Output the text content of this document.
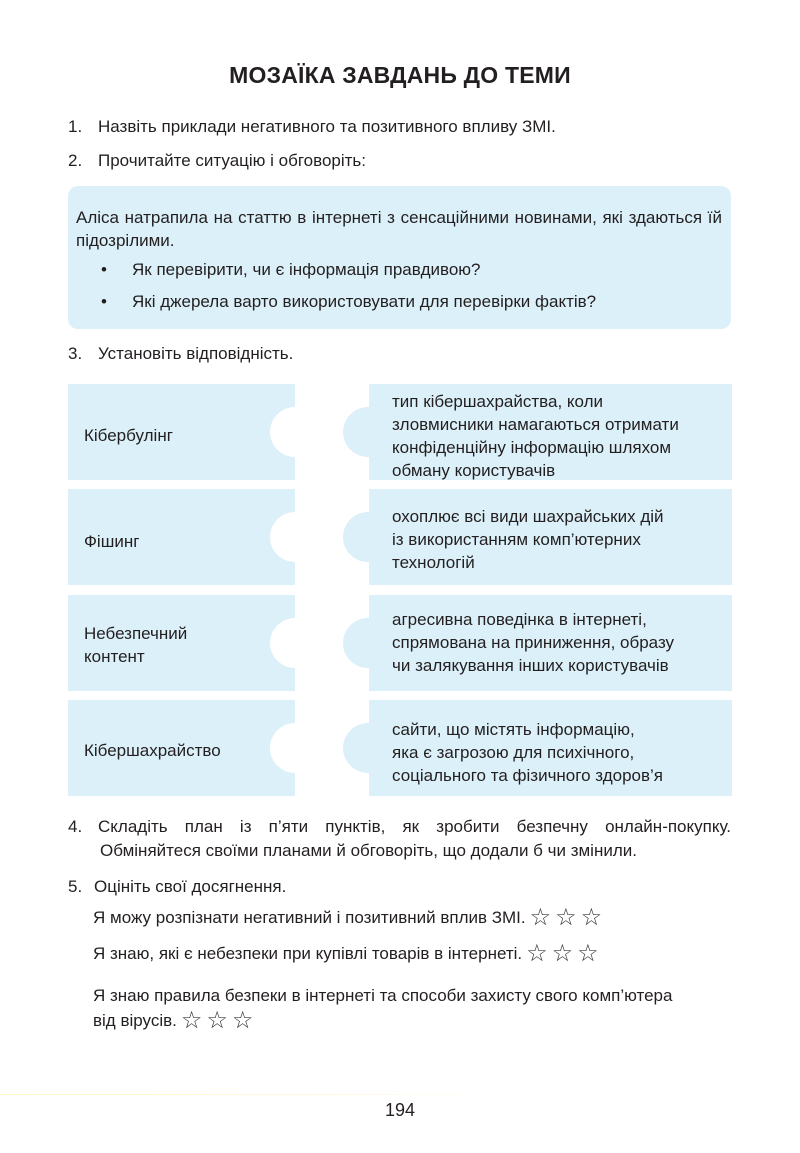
МОЗАЇКА ЗАВДАНЬ ДО ТЕМИ
1. Назвіть приклади негативного та позитивного впливу ЗМІ.
2. Прочитайте ситуацію і обговоріть:
Аліса натрапила на статтю в інтернеті з сенсаційними новинами, які здаються їй підозрілими.
• Як перевірити, чи є інформація правдивою?
• Які джерела варто використовувати для перевірки фактів?
3. Установіть відповідність.
Кібербулінг
тип кібершахрайства, коли
зловмисники намагаються отримати
конфіденційну інформацію шляхом
обману користувачів
Фішинг
охоплює всі види шахрайських дій
із використанням комп’ютерних
технологій
Небезпечний контент
агресивна поведінка в інтернеті,
спрямована на приниження, образу
чи залякування інших користувачів
Кібершахрайство
сайти, що містять інформацію,
яка є загрозою для психічного,
соціального та фізичного здоров’я
4. Складіть план із п’яти пунктів, як зробити безпечну онлайн-покупку.
Обміняйтеся своїми планами й обговоріть, що додали б чи змінили.
5. Оцініть свої досягнення.
Я можу розпізнати негативний і позитивний вплив ЗМІ. ☆☆☆
Я знаю, які є небезпеки при купівлі товарів в інтернеті. ☆☆☆
Я знаю правила безпеки в інтернеті та способи захисту свого комп’ютера
від вірусів. ☆☆☆
194
